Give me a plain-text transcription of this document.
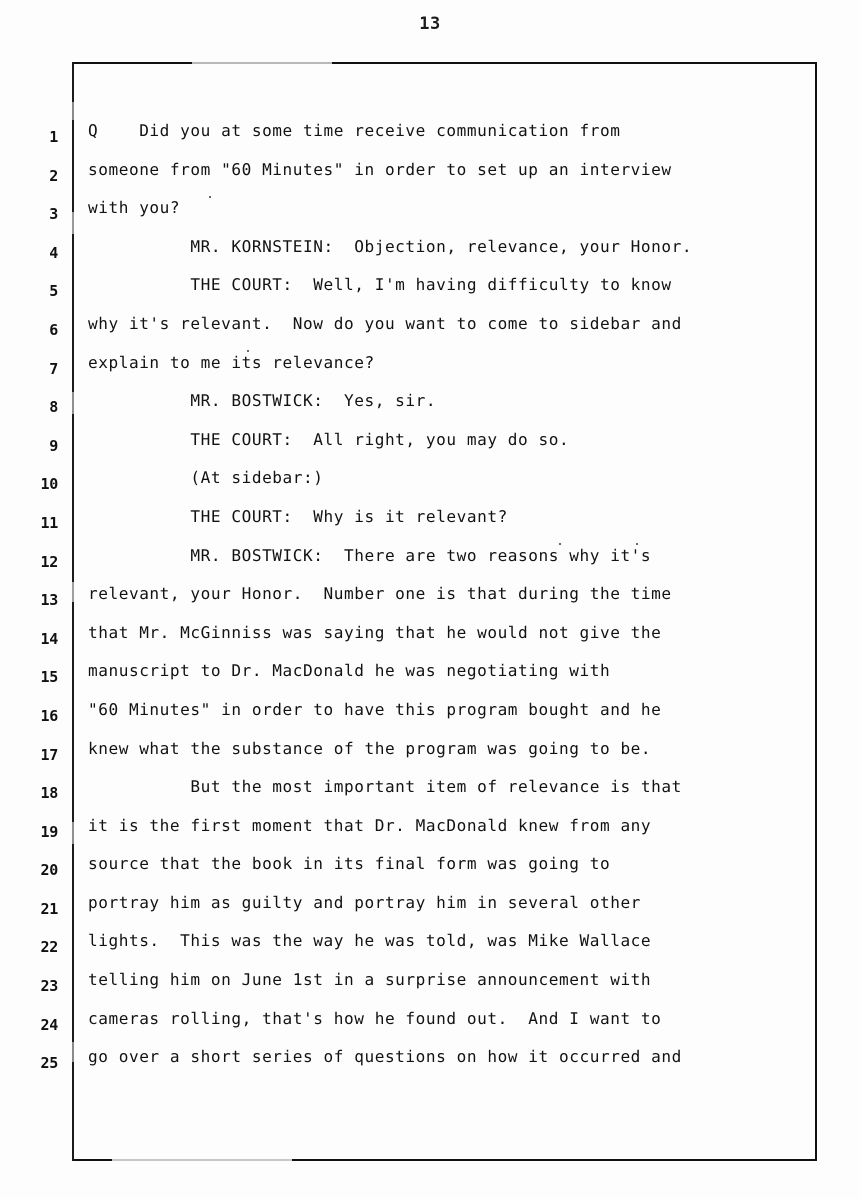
13
1 Q    Did you at some time receive communication from
2 someone from "60 Minutes" in order to set up an interview
3 with you?
4 MR. KORNSTEIN:  Objection, relevance, your Honor.
5 THE COURT:  Well, I'm having difficulty to know
6 why it's relevant.  Now do you want to come to sidebar and
7 explain to me its relevance?
8 MR. BOSTWICK:  Yes, sir.
9 THE COURT:  All right, you may do so.
10 (At sidebar:)
11 THE COURT:  Why is it relevant?
12 MR. BOSTWICK:  There are two reasons why it's
13 relevant, your Honor.  Number one is that during the time
14 that Mr. McGinniss was saying that he would not give the
15 manuscript to Dr. MacDonald he was negotiating with
16 "60 Minutes" in order to have this program bought and he
17 knew what the substance of the program was going to be.
18 But the most important item of relevance is that
19 it is the first moment that Dr. MacDonald knew from any
20 source that the book in its final form was going to
21 portray him as guilty and portray him in several other
22 lights.  This was the way he was told, was Mike Wallace
23 telling him on June 1st in a surprise announcement with
24 cameras rolling, that's how he found out.  And I want to
25 go over a short series of questions on how it occurred and
